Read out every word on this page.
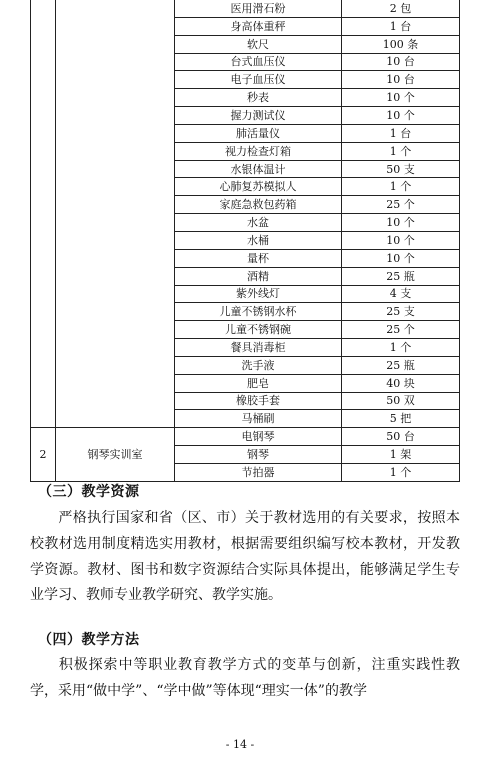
		医用滑石粉	2 包
		身高体重秤	1 台
		软尺	100 条
		台式血压仪	10 台
		电子血压仪	10 台
		秒表	10 个
		握力测试仪	10 个
		肺活量仪	1 台
		视力检查灯箱	1 个
		水银体温计	50 支
		心肺复苏模拟人	1 个
		家庭急救包药箱	25 个
		水盆	10 个
		水桶	10 个
		量杯	10 个
		酒精	25 瓶
		紫外线灯	4 支
		儿童不锈钢水杯	25 支
		儿童不锈钢碗	25 个
		餐具消毒柜	1 个
		洗手液	25 瓶
		肥皂	40 块
		橡胶手套	50 双
		马桶刷	5 把
2	钢琴实训室	电钢琴	50 台
		钢琴	1 架
		节拍器	1 个
（三）教学资源
严格执行国家和省（区、市）关于教材选用的有关要求，按照本校教材选用制度精选实用教材，根据需要组织编写校本教材，开发教学资源。教材、图书和数字资源结合实际具体提出，能够满足学生专业学习、教师专业教学研究、教学实施。
（四）教学方法
积极探索中等职业教育教学方式的变革与创新，注重实践性教学，采用“做中学”、“学中做”等体现“理实一体”的教学
- 14 -
